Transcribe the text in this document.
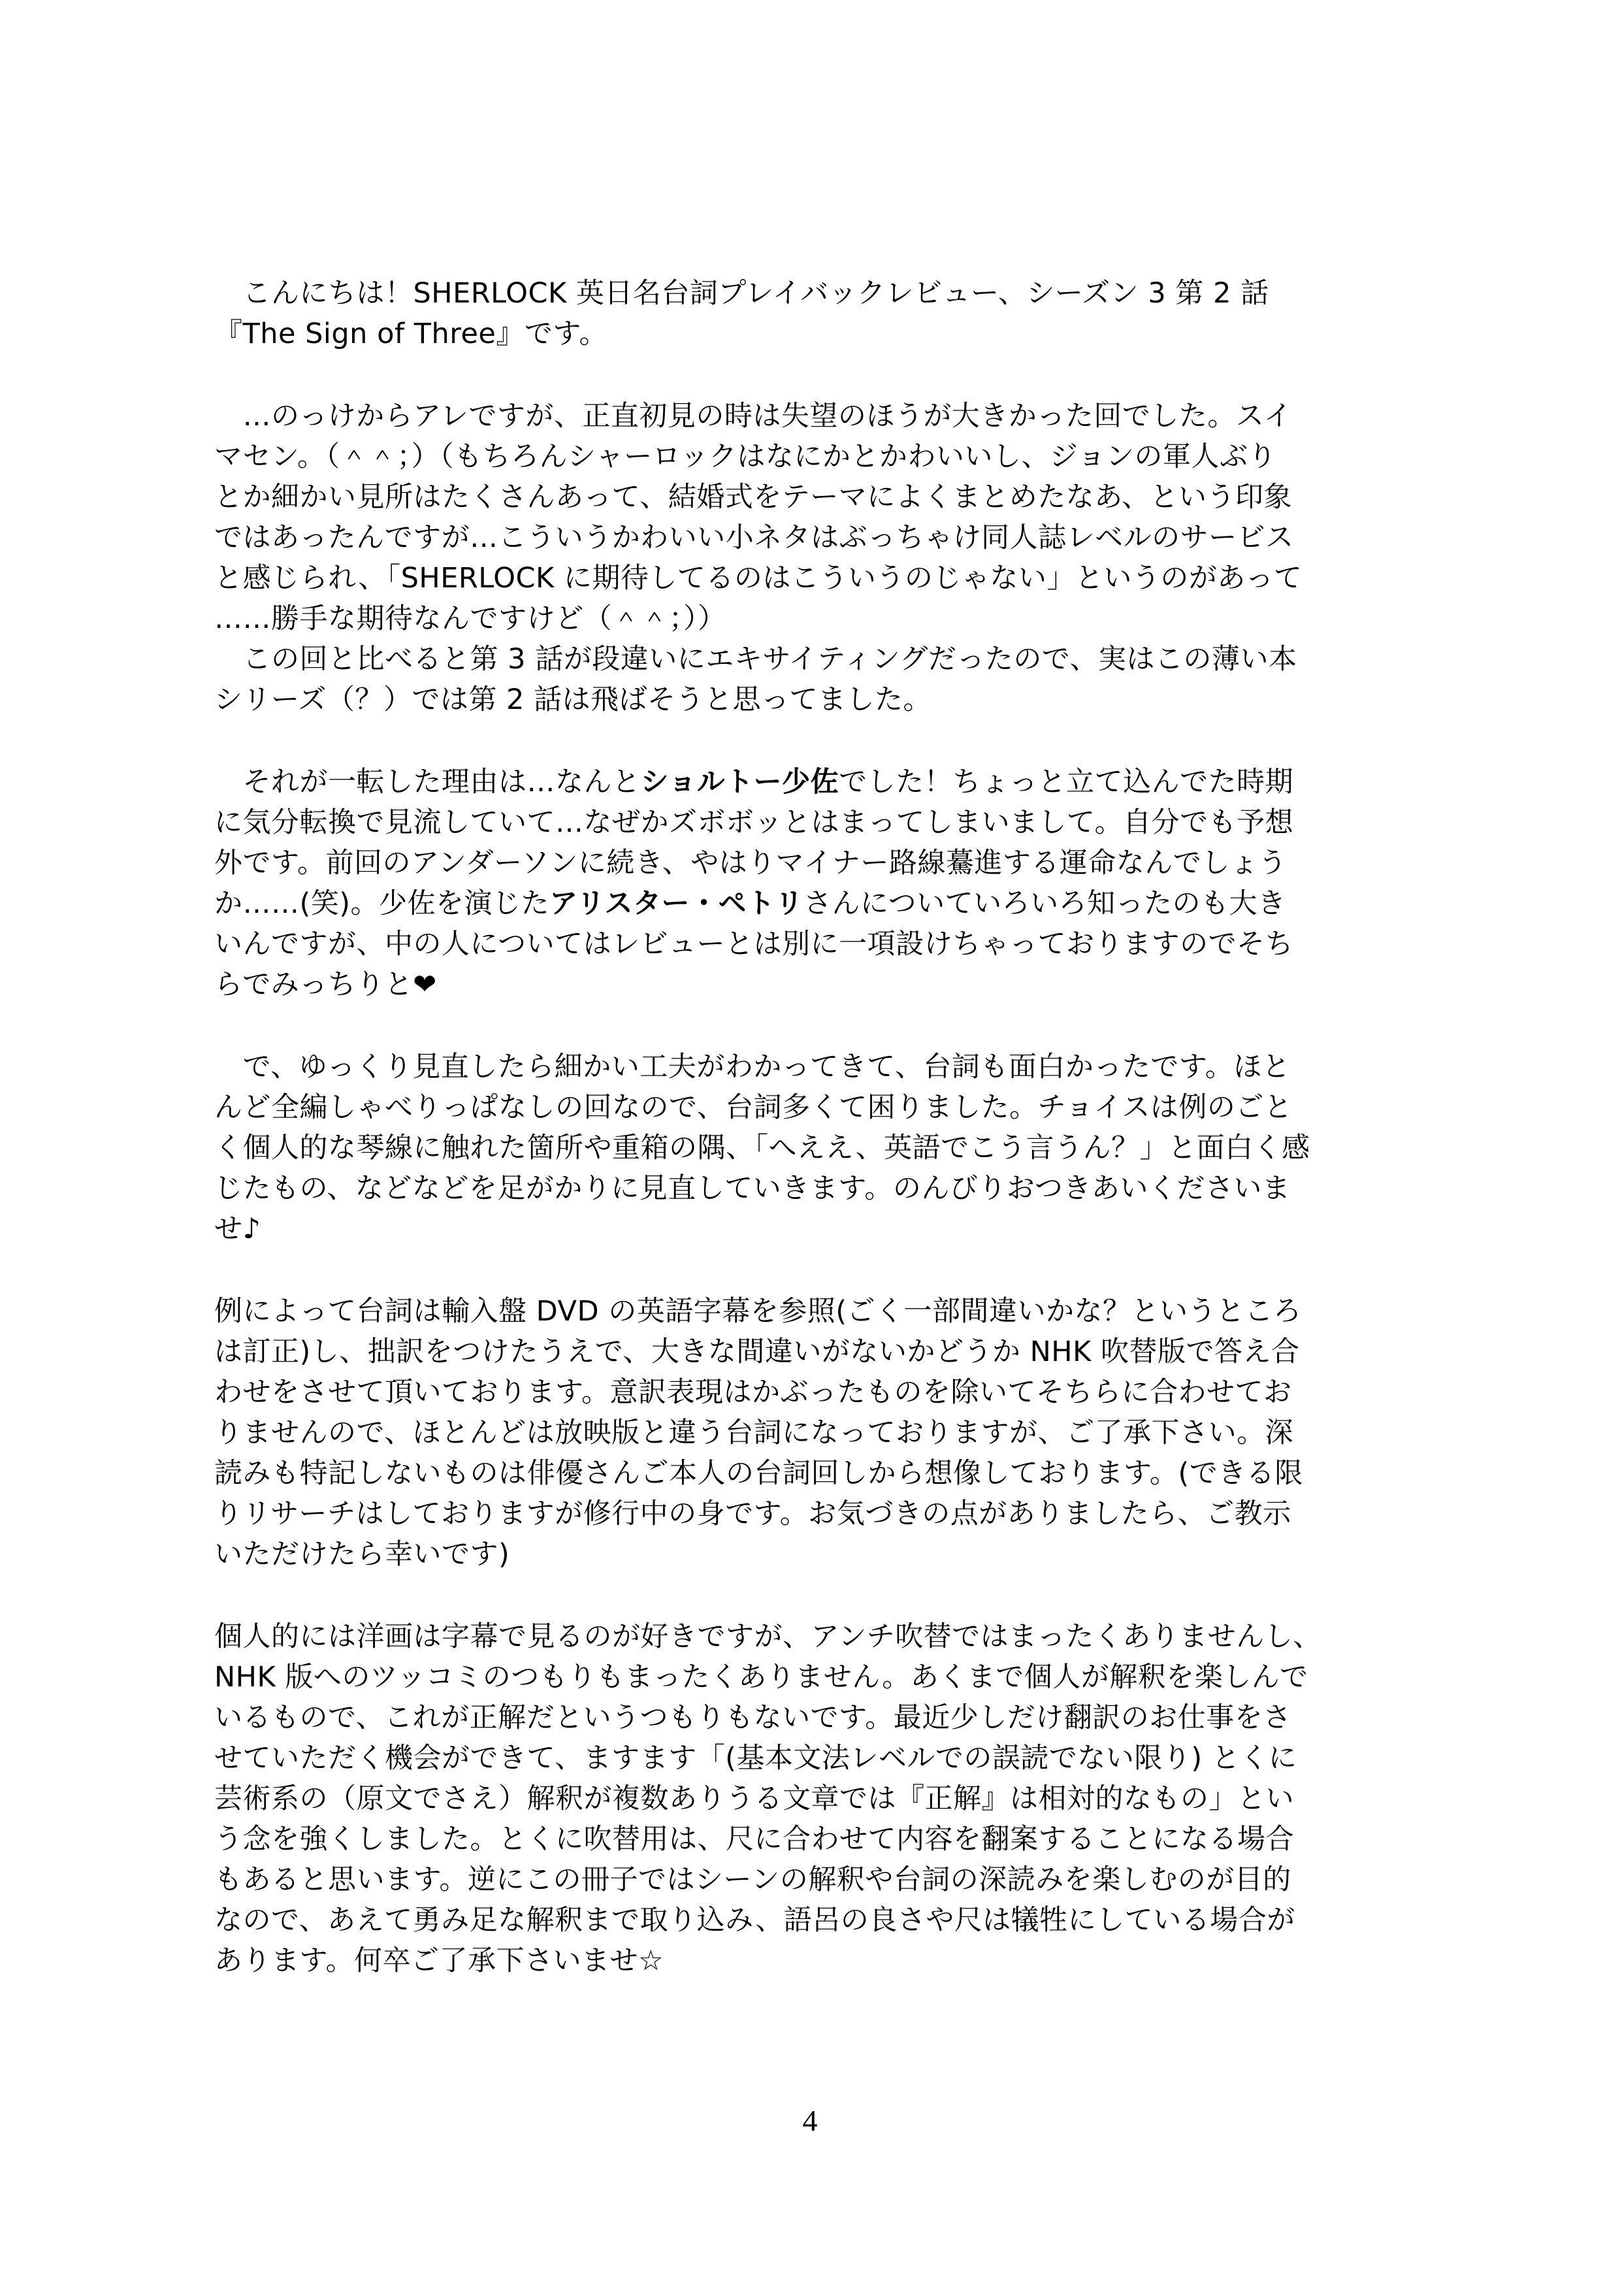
　こんにちは！SHERLOCK 英日名台詞プレイバックレビュー、シーズン 3 第 2 話
『The Sign of Three』です。
　…のっけからアレですが、正直初見の時は失望のほうが大きかった回でした。スイ
マセン。（＾＾；）（もちろんシャーロックはなにかとかわいいし、ジョンの軍人ぶり
とか細かい見所はたくさんあって、結婚式をテーマによくまとめたなあ、という印象
ではあったんですが…こういうかわいい小ネタはぶっちゃけ同人誌レベルのサービス
と感じられ、「SHERLOCK に期待してるのはこういうのじゃない」というのがあって
……勝手な期待なんですけど（＾＾；））
　この回と比べると第 3 話が段違いにエキサイティングだったので、実はこの薄い本
シリーズ（？）では第 2 話は飛ばそうと思ってました。
　それが一転した理由は…なんとショルトー少佐でした！ちょっと立て込んでた時期
に気分転換で見流していて…なぜかズボボッとはまってしまいまして。自分でも予想
外です。前回のアンダーソンに続き、やはりマイナー路線驀進する運命なんでしょう
か……(笑)。少佐を演じたアリスター・ペトリさんについていろいろ知ったのも大き
いんですが、中の人についてはレビューとは別に一項設けちゃっておりますのでそち
らでみっちりと❤
　で、ゆっくり見直したら細かい工夫がわかってきて、台詞も面白かったです。ほと
んど全編しゃべりっぱなしの回なので、台詞多くて困りました。チョイスは例のごと
く個人的な琴線に触れた箇所や重箱の隅、「へええ、英語でこう言うん？」と面白く感
じたもの、などなどを足がかりに見直していきます。のんびりおつきあいくださいま
せ♪
例によって台詞は輸入盤 DVD の英語字幕を参照(ごく一部間違いかな？というところ
は訂正)し、拙訳をつけたうえで、大きな間違いがないかどうか NHK 吹替版で答え合
わせをさせて頂いております。意訳表現はかぶったものを除いてそちらに合わせてお
りませんので、ほとんどは放映版と違う台詞になっておりますが、ご了承下さい。深
読みも特記しないものは俳優さんご本人の台詞回しから想像しております。(できる限
りリサーチはしておりますが修行中の身です。お気づきの点がありましたら、ご教示
いただけたら幸いです)
個人的には洋画は字幕で見るのが好きですが、アンチ吹替ではまったくありませんし、
NHK 版へのツッコミのつもりもまったくありません。あくまで個人が解釈を楽しんで
いるもので、これが正解だというつもりもないです。最近少しだけ翻訳のお仕事をさ
せていただく機会ができて、ますます「(基本文法レベルでの誤読でない限り) とくに
芸術系の（原文でさえ）解釈が複数ありうる文章では『正解』は相対的なもの」とい
う念を強くしました。とくに吹替用は、尺に合わせて内容を翻案することになる場合
もあると思います。逆にこの冊子ではシーンの解釈や台詞の深読みを楽しむのが目的
なので、あえて勇み足な解釈まで取り込み、語呂の良さや尺は犠牲にしている場合が
あります。何卒ご了承下さいませ☆
4
